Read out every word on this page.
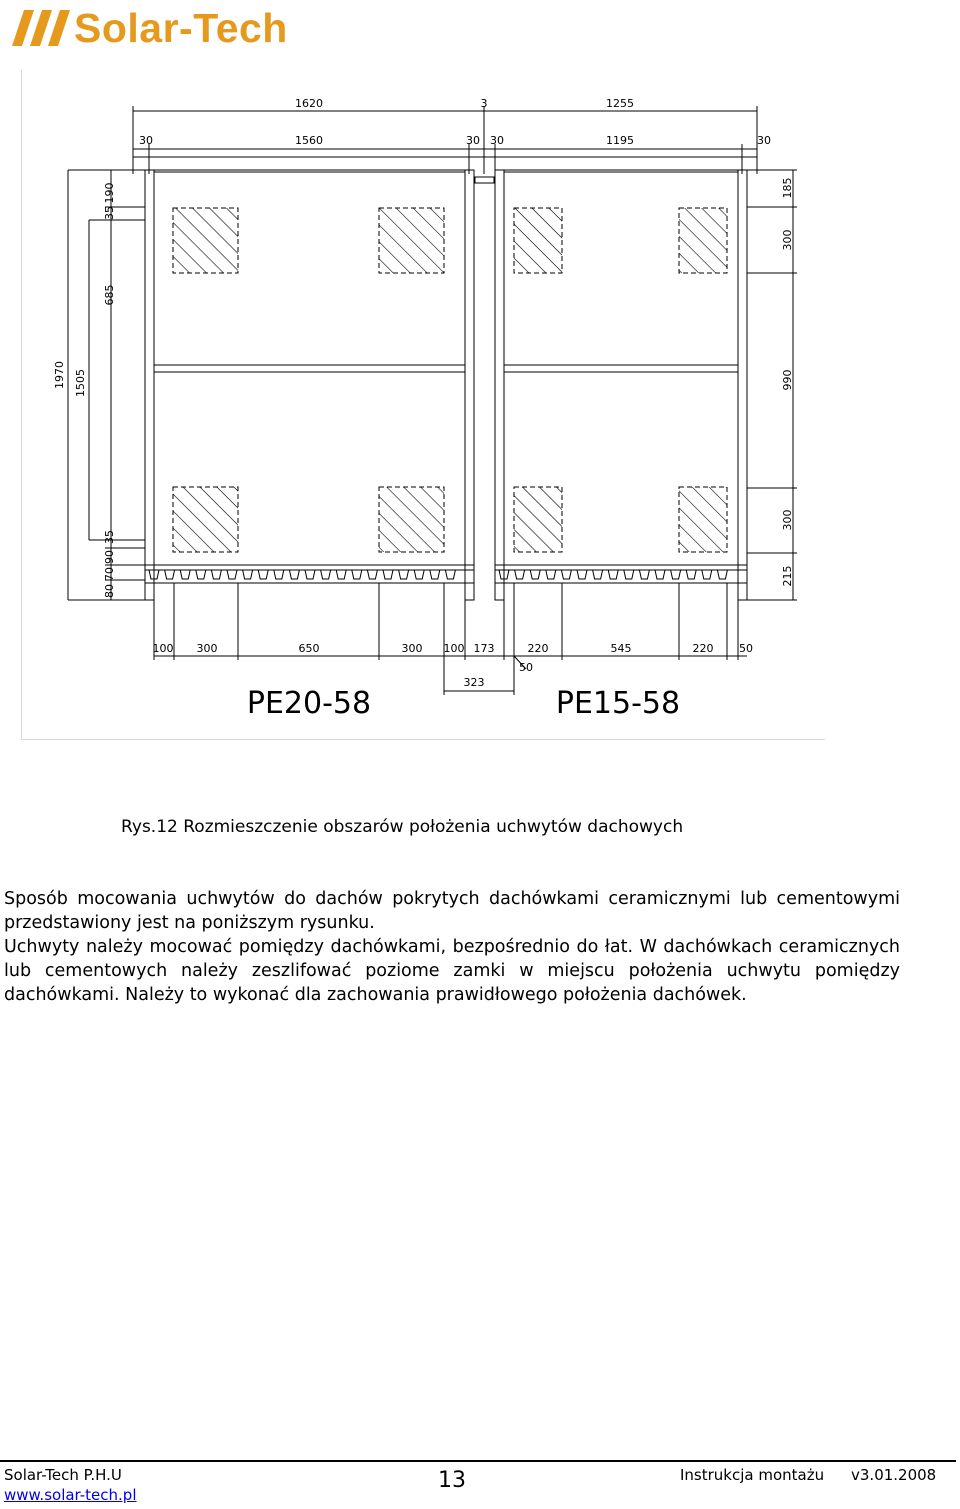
Solar-Tech
1620	3	1255
30	1560	30 30	1195	30
100 300	650	300 100 173	220	545	220 50
50
323
1970 1505
685
35
190
35
90
70
80
185
300
990
300
215
PE20-58	PE15-58
Rys.12 Rozmieszczenie obszarów położenia uchwytów dachowych

Sposób mocowania uchwytów do dachów pokrytych dachówkami ceramicznymi lub cementowymi przedstawiony jest na poniższym rysunku.

Uchwyty należy mocować pomiędzy dachówkami, bezpośrednio do łat. W dachówkach ceramicznych lub cementowych należy zeszlifować poziome zamki w miejscu położenia uchwytu pomiędzy dachówkami. Należy to wykonać dla zachowania prawidłowego położenia dachówek.

Solar-Tech P.H.U
www.solar-tech.pl
13	Instrukcja montażu v3.01.2008
